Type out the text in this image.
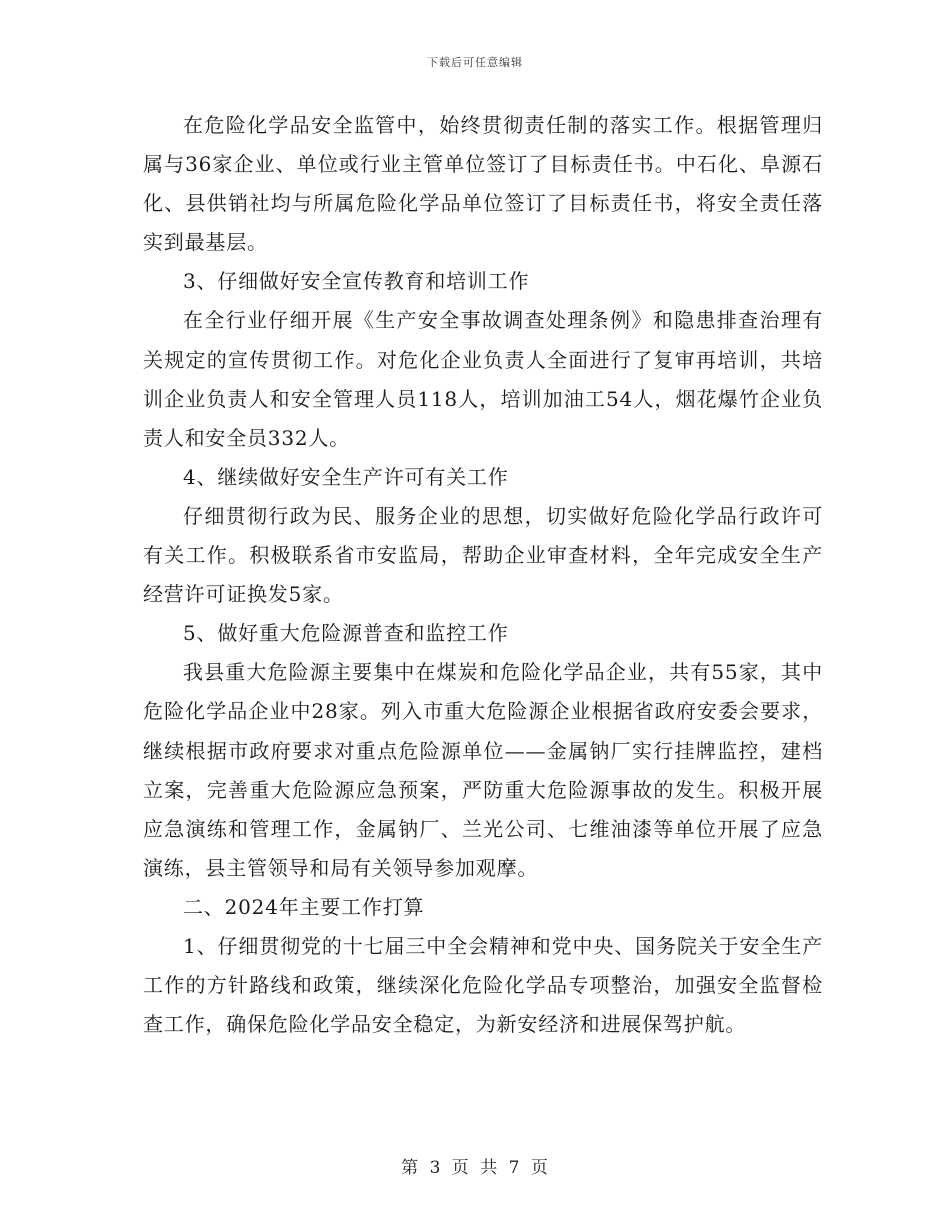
下载后可任意编辑

在危险化学品安全监管中，始终贯彻责任制的落实工作。根据管理归属与36家企业、单位或行业主管单位签订了目标责任书。中石化、阜源石化、县供销社均与所属危险化学品单位签订了目标责任书，将安全责任落实到最基层。

3、仔细做好安全宣传教育和培训工作

在全行业仔细开展《生产安全事故调查处理条例》和隐患排查治理有关规定的宣传贯彻工作。对危化企业负责人全面进行了复审再培训，共培训企业负责人和安全管理人员118人，培训加油工54人，烟花爆竹企业负责人和安全员332人。

4、继续做好安全生产许可有关工作

仔细贯彻行政为民、服务企业的思想，切实做好危险化学品行政许可有关工作。积极联系省市安监局，帮助企业审查材料，全年完成安全生产经营许可证换发5家。

5、做好重大危险源普查和监控工作

我县重大危险源主要集中在煤炭和危险化学品企业，共有55家，其中危险化学品企业中28家。列入市重大危险源企业根据省政府安委会要求，继续根据市政府要求对重点危险源单位——金属钠厂实行挂牌监控，建档立案，完善重大危险源应急预案，严防重大危险源事故的发生。积极开展应急演练和管理工作，金属钠厂、兰光公司、七维油漆等单位开展了应急演练，县主管领导和局有关领导参加观摩。

二、2024年主要工作打算

1、仔细贯彻党的十七届三中全会精神和党中央、国务院关于安全生产工作的方针路线和政策，继续深化危险化学品专项整治，加强安全监督检查工作，确保危险化学品安全稳定，为新安经济和进展保驾护航。

第 3 页 共 7 页
